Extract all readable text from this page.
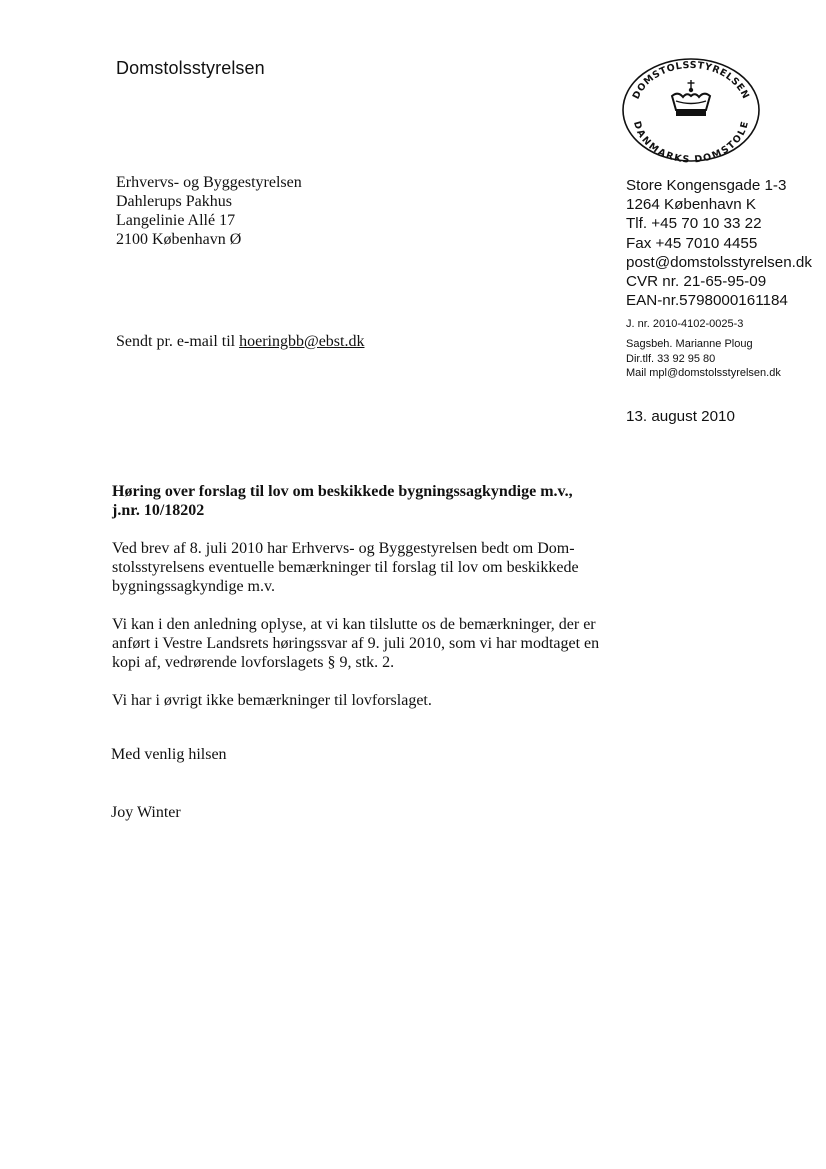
Domstolsstyrelsen
DOMSTOLSSTYRELSEN
DANMARKS DOMSTOLE
Erhvervs- og Byggestyrelsen
Dahlerups Pakhus
Langelinie Allé 17
2100 København Ø
Store Kongensgade 1-3
1264 København K
Tlf. +45 70 10 33 22
Fax +45 7010 4455
post@domstolsstyrelsen.dk
CVR nr. 21-65-95-09
EAN-nr.5798000161184
J. nr. 2010-4102-0025-3
Sagsbeh. Marianne Ploug
Dir.tlf. 33 92 95 80
Mail mpl@domstolsstyrelsen.dk
Sendt pr. e-mail til hoeringbb@ebst.dk
13. august 2010
Høring over forslag til lov om beskikkede bygningssagkyndige m.v.,
j.nr. 10/18202
Ved brev af 8. juli 2010 har Erhvervs- og Byggestyrelsen bedt om Dom-
stolsstyrelsens eventuelle bemærkninger til forslag til lov om beskikkede
bygningssagkyndige m.v.
Vi kan i den anledning oplyse, at vi kan tilslutte os de bemærkninger, der er
anført i Vestre Landsrets høringssvar af 9. juli 2010, som vi har modtaget en
kopi af, vedrørende lovforslagets § 9, stk. 2.
Vi har i øvrigt ikke bemærkninger til lovforslaget.
Med venlig hilsen
Joy Winter
